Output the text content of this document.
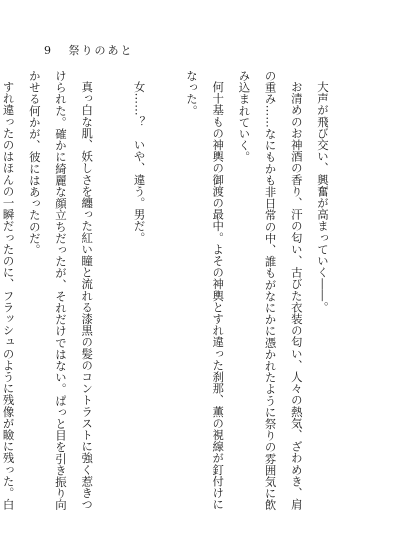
9 祭りのあと

大声が飛び交い、興奮が高まっていく――。

お清めのお神酒の香り、汗の匂い、古びた衣装の匂い、人々の熱気、ざわめき、肩の重み……なにもかも非日常の中、誰もがなにかに憑かれたように祭りの雰囲気に飲み込まれていく。

何十基もの神輿の御渡の最中。よその神輿とすれ違った刹那、薫の視線が釘付けになった。

女……？　いや、違う。男だ。

真っ白な肌、妖しさを纏った紅い瞳と流れる漆黒の髪のコントラストに強く惹きつけられた。確かに綺麗な顔立ちだったが、それだけではない。ぱっと目を引き振り向かせる何かが、彼にはあったのだ。

すれ違ったのはほんの一瞬だったのに、フラッシュのように残像が瞼に残った。白
